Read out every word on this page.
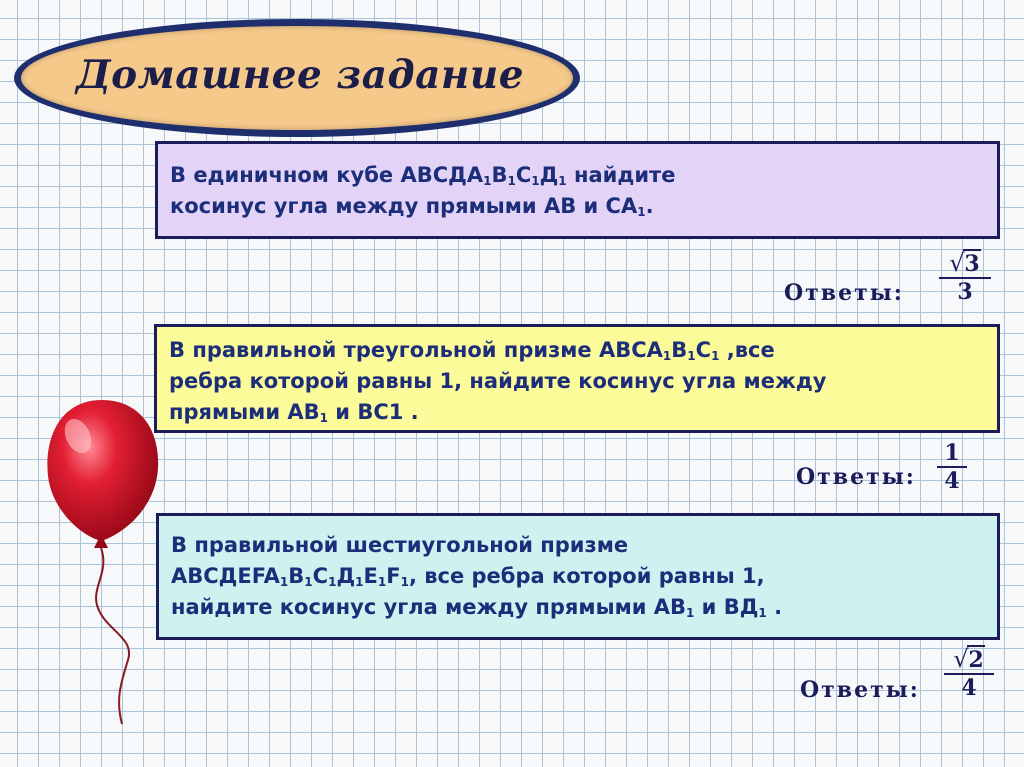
Домашнее задание
В единичном кубе $АВСДА_1В_1С_1Д_1$ найдите
косинус угла между прямыми АВ и $СА_1$.
В правильной треугольной призме $АВСА_1В_1С_1$ ,все
ребра которой равны 1, найдите косинус угла между
прямыми $АВ_1$ и ВС1 .
В правильной шестиугольной призме
$ABCДEFA_1B_1C_1Д_1E_1F_1$, все ребра которой равны 1,
найдите косинус угла между прямыми $АВ_1$ и $ВД_1$ .
Ответы:
√ 3
3
Ответы:
1
4
Ответы:
√ 2
4
